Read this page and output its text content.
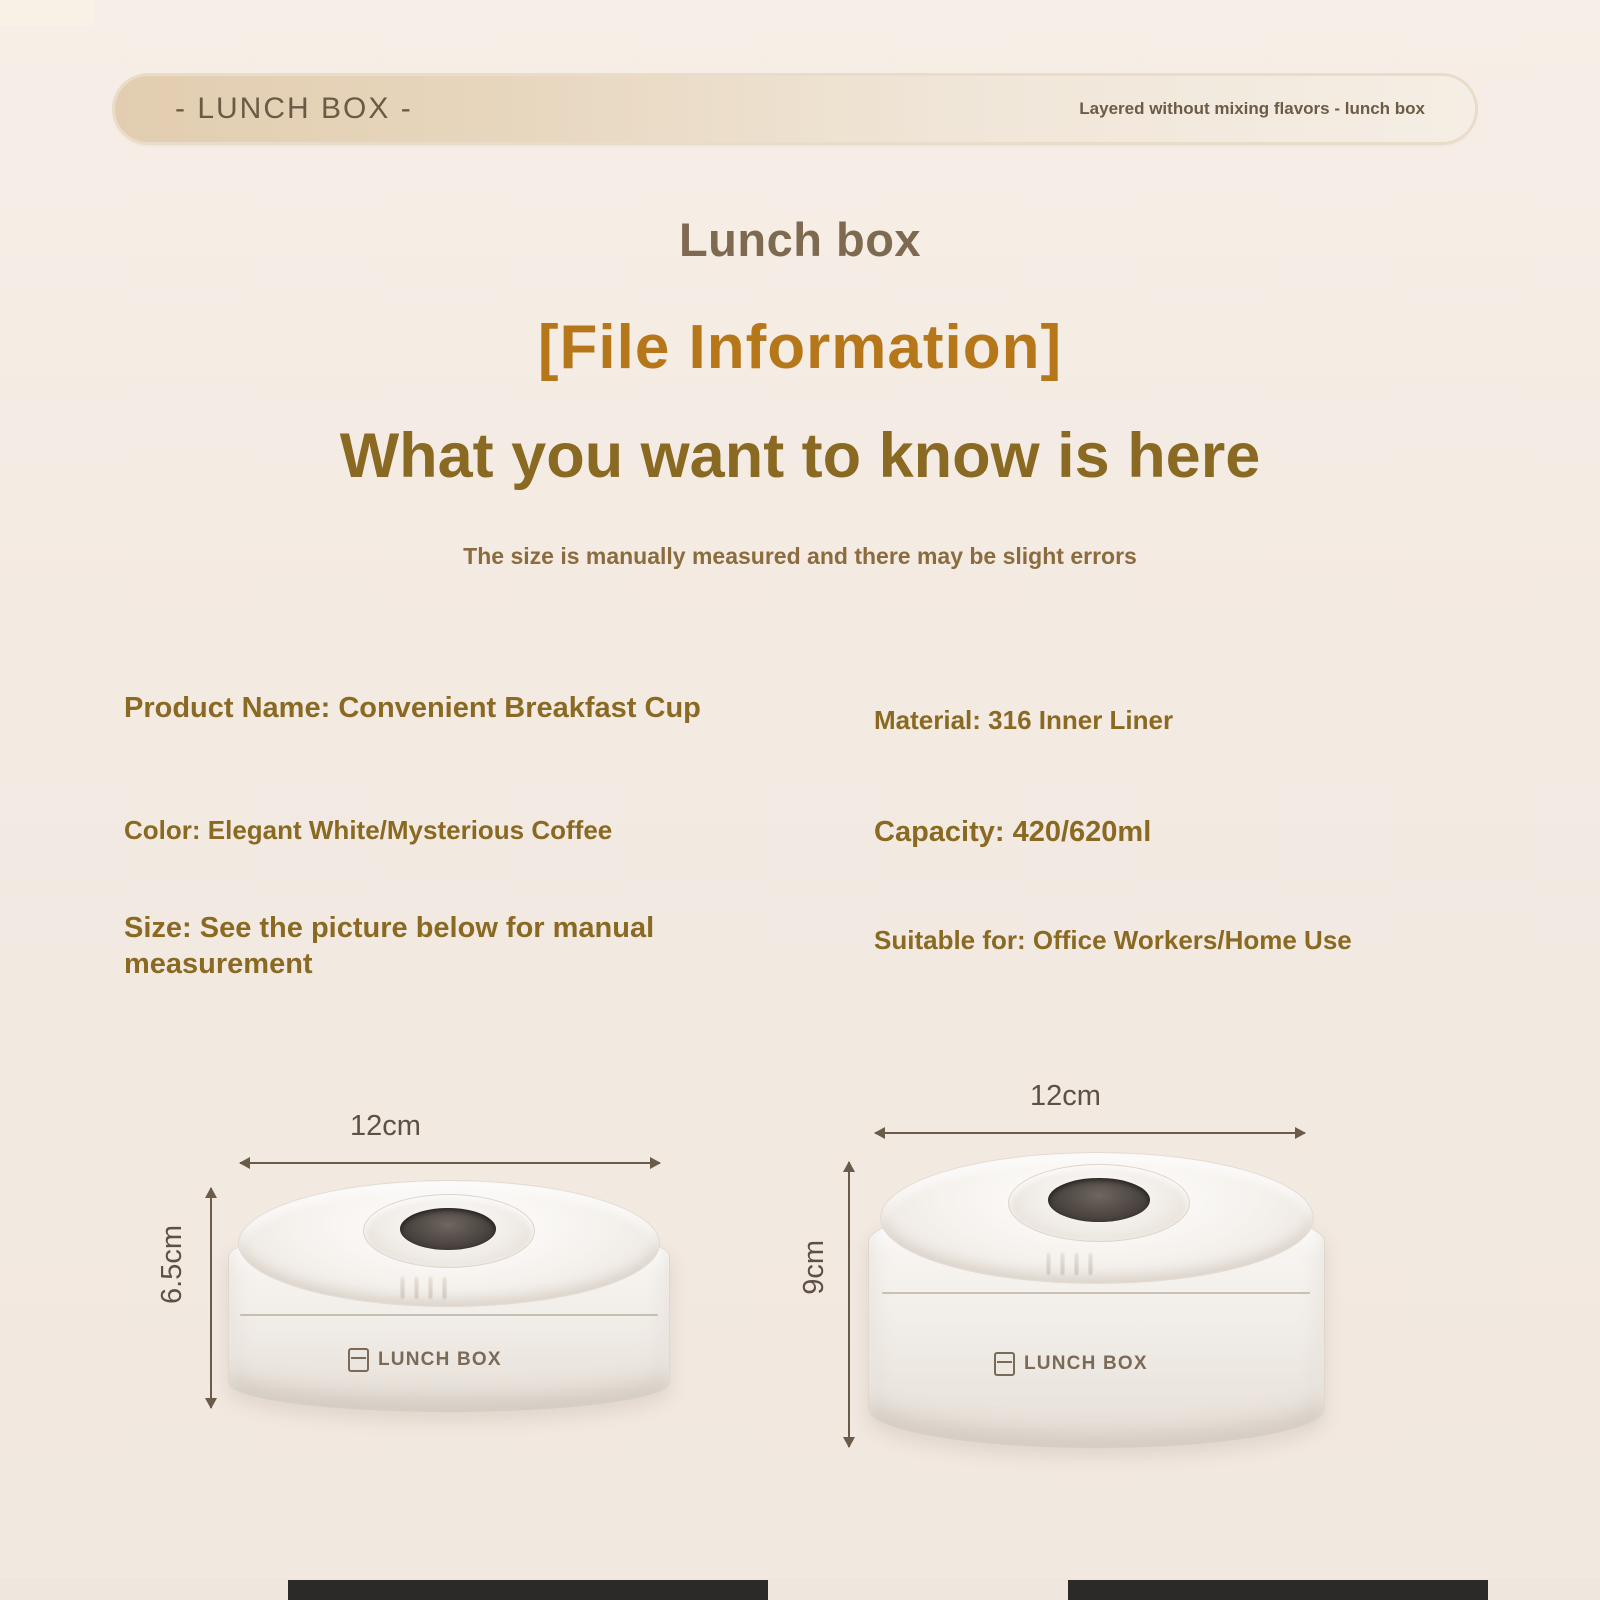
- LUNCH BOX -	Layered without mixing flavors - lunch box
Lunch box
[File Information]
What you want to know is here
The size is manually measured and there may be slight errors
Product Name: Convenient Breakfast Cup
Color: Elegant White/Mysterious Coffee
Size: See the picture below for manual measurement
Material: 316 Inner Liner
Capacity: 420/620ml
Suitable for: Office Workers/Home Use
12cm
6.5cm
LUNCH BOX
12cm
9cm
LUNCH BOX
